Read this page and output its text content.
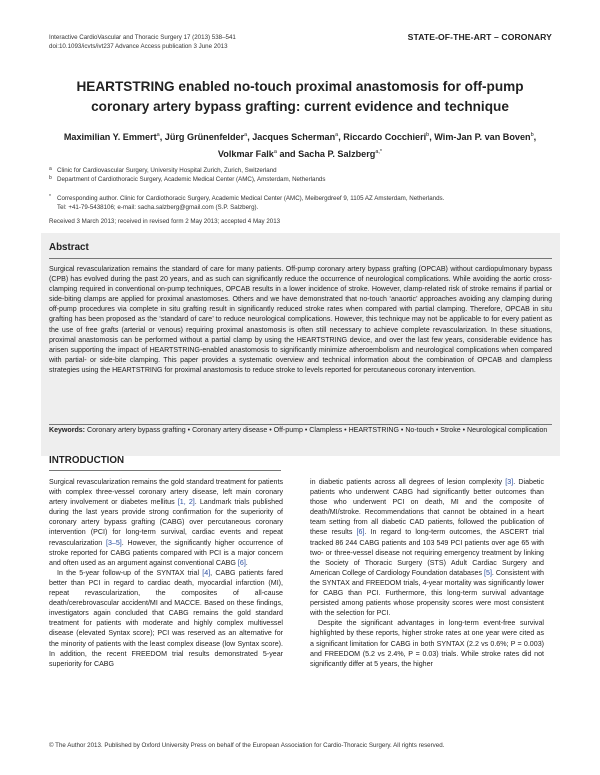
Interactive CardioVascular and Thoracic Surgery 17 (2013) 538–541
doi:10.1093/icvts/ivt237 Advance Access publication 3 June 2013
STATE-OF-THE-ART – CORONARY
HEARTSTRING enabled no-touch proximal anastomosis for off-pump
coronary artery bypass grafting: current evidence and technique
Maximilian Y. Emmert$^a$, Jürg Grünenfelder$^a$, Jacques Scherman$^a$, Riccardo Cocchieri$^b$, Wim-Jan P. van Boven$^b$,
Volkmar Falk$^a$ and Sacha P. Salzberg$^{a,*}$
a Clinic for Cardiovascular Surgery, University Hospital Zurich, Zurich, Switzerland
b Department of Cardiothoracic Surgery, Academic Medical Center (AMC), Amsterdam, Netherlands
* Corresponding author. Clinic for Cardiothoracic Surgery, Academic Medical Center (AMC), Meibergdreef 9, 1105 AZ Amsterdam, Netherlands.
Tel: +41-79-5438106; e-mail: sacha.salzberg@gmail.com (S.P. Salzberg).
Received 3 March 2013; received in revised form 2 May 2013; accepted 4 May 2013
Abstract
Surgical revascularization remains the standard of care for many patients. Off-pump coronary artery bypass grafting (OPCAB) without cardiopulmonary bypass (CPB) has evolved during the past 20 years, and as such can significantly reduce the occurrence of neurological complications. While avoiding the aortic cross-clamping required in conventional on-pump techniques, OPCAB results in a lower incidence of stroke. However, clamp-related risk of stroke remains if partial or side-biting clamps are applied for proximal anastomoses. Others and we have demonstrated that no-touch ‘anaortic’ approaches avoiding any clamping during off-pump procedures via complete in situ grafting result in significantly reduced stroke rates when compared with partial clamping. Therefore, OPCAB in situ grafting has been proposed as the ‘standard of care’ to reduce neurological complications. However, this technique may not be applicable to for every patient as the use of free grafts (arterial or venous) requiring proximal anastomosis is often still necessary to achieve complete revascularization. In these situations, proximal anastomosis can be performed without a partial clamp by using the HEARTSTRING device, and over the last few years, considerable evidence has arisen supporting the impact of HEARTSTRING-enabled anastomosis to significantly minimize atheroembolism and neurological complications when compared with partial- or side-bite clamping. This paper provides a systematic overview and technical information about the combination of OPCAB and clampless strategies using the HEARTSTRING for proximal anastomosis to reduce stroke to levels reported for percutaneous coronary intervention.
Keywords: Coronary artery bypass grafting • Coronary artery disease • Off-pump • Clampless • HEARTSTRING • No-touch • Stroke • Neurological complication
INTRODUCTION

Surgical revascularization remains the gold standard treatment for patients with complex three-vessel coronary artery disease, left main coronary artery involvement or diabetes mellitus [1, 2]. Landmark trials published during the last years provide strong confirmation for the superiority of coronary artery bypass grafting (CABG) over percutaneous coronary intervention (PCI) for long-term survival, cardiac events and repeat revascularization [3–5]. However, the significantly higher occurrence of stroke reported for CABG patients compared with PCI is a major concern and often used as an argument against conventional CABG [6].

In the 5-year follow-up of the SYNTAX trial [4], CABG patients fared better than PCI in regard to cardiac death, myocardial infarction (MI), repeat revascularization, the composites of all-cause death/cerebrovascular accident/MI and MACCE. Based on these findings, investigators again concluded that CABG remains the gold standard treatment for patients with moderate and highly complex multivessel disease (elevated Syntax score); PCI was reserved as an alternative for the minority of patients with the least complex disease (low Syntax score). In addition, the recent FREEDOM trial results demonstrated 5-year superiority for CABG

in diabetic patients across all degrees of lesion complexity [3]. Diabetic patients who underwent CABG had significantly better outcomes than those who underwent PCI on death, MI and the composite of death/MI/stroke. Recommendations that cannot be obtained in a heart team setting from all diabetic CAD patients, followed the publication of these results [6]. In regard to long-term outcomes, the ASCERT trial tracked 86 244 CABG patients and 103 549 PCI patients over age 65 with two- or three-vessel disease not requiring emergency treatment by linking the Society of Thoracic Surgery (STS) Adult Cardiac Surgery and American College of Cardiology Foundation databases [5]. Consistent with the SYNTAX and FREEDOM trials, 4-year mortality was significantly lower for CABG than PCI. Furthermore, this long-term survival advantage persisted among patients whose propensity scores were most consistent with the selection for PCI.

Despite the significant advantages in long-term event-free survival highlighted by these reports, higher stroke rates at one year were cited as a significant limitation for CABG in both SYNTAX (2.2 vs 0.6%; P = 0.003) and FREEDOM (5.2 vs 2.4%, P = 0.03) trials. While stroke rates did not significantly differ at 5 years, the higher

© The Author 2013. Published by Oxford University Press on behalf of the European Association for Cardio-Thoracic Surgery. All rights reserved.
